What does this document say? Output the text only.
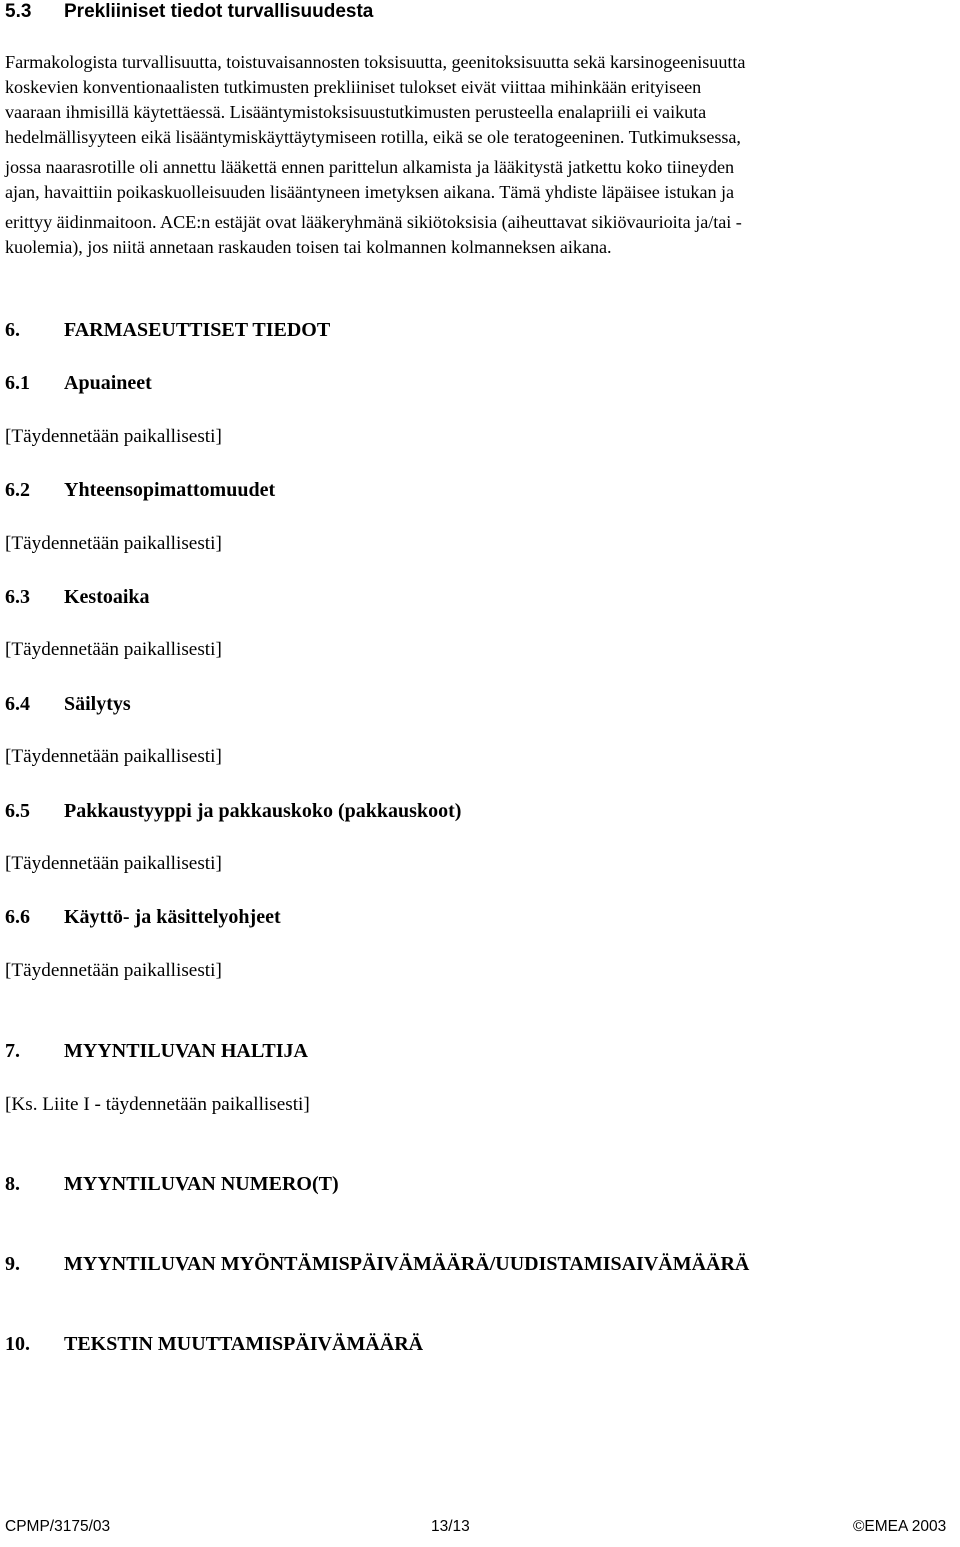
5.3 Prekliiniset tiedot turvallisuudesta
Farmakologista turvallisuutta, toistuvaisannosten toksisuutta, geenitoksisuutta sekä karsinogeenisuutta
koskevien konventionaalisten tutkimusten prekliiniset tulokset eivät viittaa mihinkään erityiseen
vaaraan ihmisillä käytettäessä. Lisääntymistoksisuustutkimusten perusteella enalapriili ei vaikuta
hedelmällisyyteen eikä lisääntymiskäyttäytymiseen rotilla, eikä se ole teratogeeninen. Tutkimuksessa,
jossa naarasrotille oli annettu lääkettä ennen parittelun alkamista ja lääkitystä jatkettu koko tiineyden
ajan, havaittiin poikaskuolleisuuden lisääntyneen imetyksen aikana. Tämä yhdiste läpäisee istukan ja
erittyy äidinmaitoon. ACE:n estäjät ovat lääkeryhmänä sikiötoksisia (aiheuttavat sikiövaurioita ja/tai -
kuolemia), jos niitä annetaan raskauden toisen tai kolmannen kolmanneksen aikana.
6. FARMASEUTTISET TIEDOT
6.1 Apuaineet
[Täydennetään paikallisesti]
6.2 Yhteensopimattomuudet
[Täydennetään paikallisesti]
6.3 Kestoaika
[Täydennetään paikallisesti]
6.4 Säilytys
[Täydennetään paikallisesti]
6.5 Pakkaustyyppi ja pakkauskoko (pakkauskoot)
[Täydennetään paikallisesti]
6.6 Käyttö- ja käsittelyohjeet
[Täydennetään paikallisesti]
7. MYYNTILUVAN HALTIJA
[Ks. Liite I - täydennetään paikallisesti]
8. MYYNTILUVAN NUMERO(T)
9. MYYNTILUVAN MYÖNTÄMISPÄIVÄMÄÄRÄ/UUDISTAMISAIVÄMÄÄRÄ
10. TEKSTIN MUUTTAMISPÄIVÄMÄÄRÄ
CPMP/3175/03	13/13	©EMEA 2003
